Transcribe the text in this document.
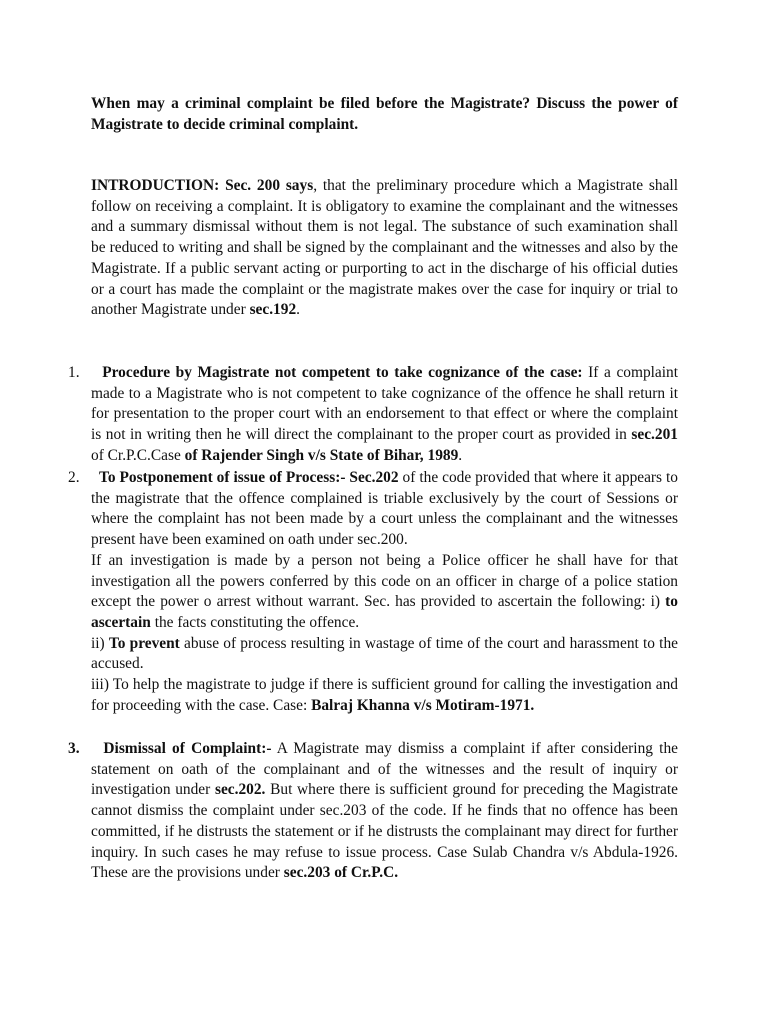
When may a criminal complaint be filed before the Magistrate? Discuss the power of Magistrate to decide criminal complaint.

INTRODUCTION: Sec. 200 says, that the preliminary procedure which a Magistrate shall follow on receiving a complaint. It is obligatory to examine the complainant and the witnesses and a summary dismissal without them is not legal. The substance of such examination shall be reduced to writing and shall be signed by the complainant and the witnesses and also by the Magistrate. If a public servant acting or purporting to act in the discharge of his official duties or a court has made the complaint or the magistrate makes over the case for inquiry or trial to another Magistrate under sec.192.

1.	Procedure by Magistrate not competent to take cognizance of the case: If a complaint made to a Magistrate who is not competent to take cognizance of the offence he shall return it for presentation to the proper court with an endorsement to that effect or where the complaint is not in writing then he will direct the complainant to the proper court as provided in sec.201 of Cr.P.C.Case of Rajender Singh v/s State of Bihar, 1989.

2.	To Postponement of issue of Process:- Sec.202 of the code provided that where it appears to the magistrate that the offence complained is triable exclusively by the court of Sessions or where the complaint has not been made by a court unless the complainant and the witnesses present have been examined on oath under sec.200.

If an investigation is made by a person not being a Police officer he shall have for that investigation all the powers conferred by this code on an officer in charge of a police station except the power o arrest without warrant. Sec. has provided to ascertain the following: i) to ascertain the facts constituting the offence.

ii) To prevent abuse of process resulting in wastage of time of the court and harassment to the accused.

iii) To help the magistrate to judge if there is sufficient ground for calling the investigation and for proceeding with the case. Case: Balraj Khanna v/s Motiram-1971.

3.	Dismissal of Complaint:- A Magistrate may dismiss a complaint if after considering the statement on oath of the complainant and of the witnesses and the result of inquiry or investigation under sec.202. But where there is sufficient ground for preceding the Magistrate cannot dismiss the complaint under sec.203 of the code. If he finds that no offence has been committed, if he distrusts the statement or if he distrusts the complainant may direct for further inquiry. In such cases he may refuse to issue process. Case Sulab Chandra v/s Abdula-1926. These are the provisions under sec.203 of Cr.P.C.
